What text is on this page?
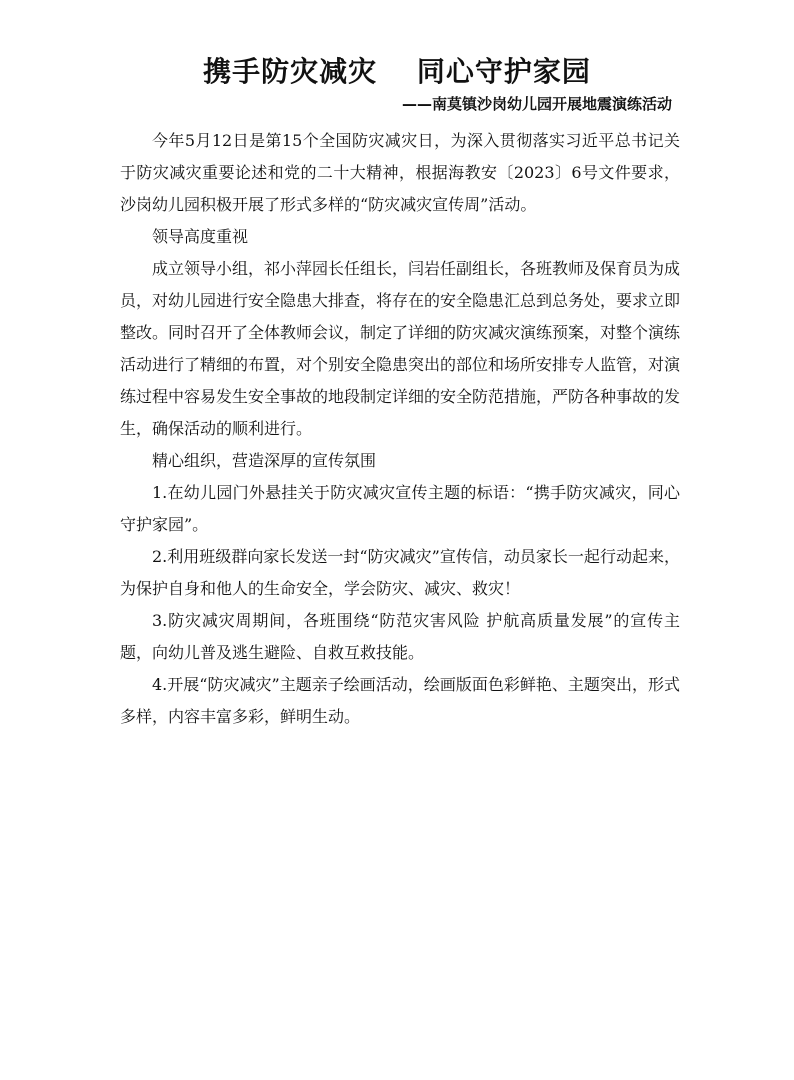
携手防灾减灾　 同心守护家园
——南莫镇沙岗幼儿园开展地震演练活动

今年5月12日是第15个全国防灾减灾日，为深入贯彻落实习近平总书记关于防灾减灾重要论述和党的二十大精神，根据海教安〔2023〕6号文件要求，沙岗幼儿园积极开展了形式多样的“防灾减灾宣传周”活动。

领导高度重视

成立领导小组，祁小萍园长任组长，闫岩任副组长，各班教师及保育员为成员，对幼儿园进行安全隐患大排查，将存在的安全隐患汇总到总务处，要求立即整改。同时召开了全体教师会议，制定了详细的防灾减灾演练预案，对整个演练活动进行了精细的布置，对个别安全隐患突出的部位和场所安排专人监管，对演练过程中容易发生安全事故的地段制定详细的安全防范措施，严防各种事故的发生，确保活动的顺利进行。

精心组织，营造深厚的宣传氛围

1.在幼儿园门外悬挂关于防灾减灾宣传主题的标语：“携手防灾减灾，同心守护家园”。

2.利用班级群向家长发送一封“防灾减灾”宣传信，动员家长一起行动起来，为保护自身和他人的生命安全，学会防灾、减灾、救灾！

3.防灾减灾周期间，各班围绕“防范灾害风险 护航高质量发展”的宣传主题，向幼儿普及逃生避险、自救互救技能。

4.开展“防灾减灾”主题亲子绘画活动，绘画版面色彩鲜艳、主题突出，形式多样，内容丰富多彩，鲜明生动。
